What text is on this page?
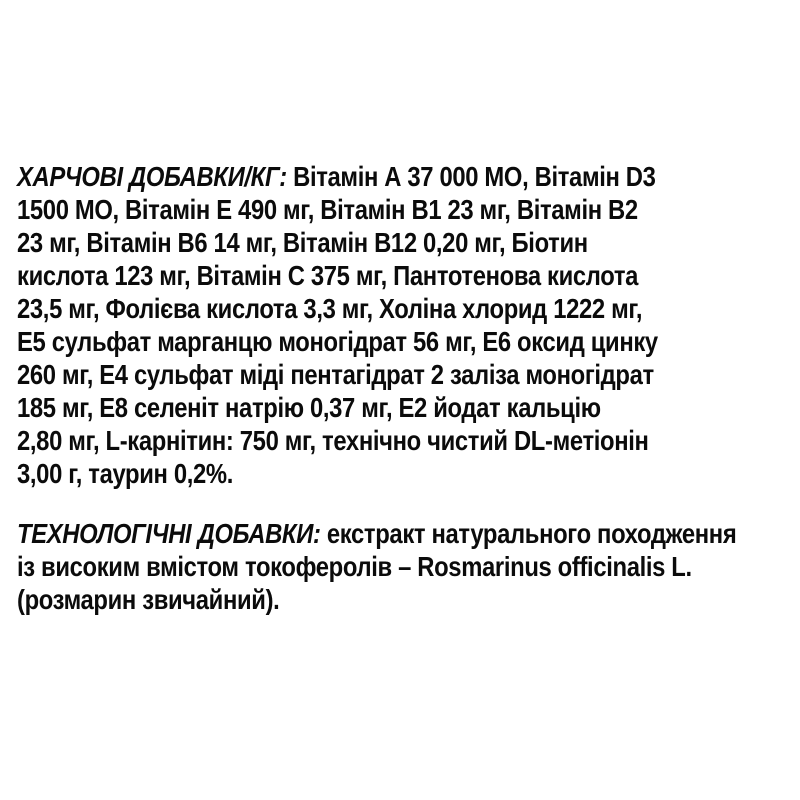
ХАРЧОВІ ДОБАВКИ/КГ: Вітамін А 37 000 МО, Вітамін D3
1500 МО, Вітамін Е 490 мг, Вітамін В1 23 мг, Вітамін В2
23 мг, Вітамін В6 14 мг, Вітамін В12 0,20 мг, Біотин
кислота 123 мг, Вітамін С 375 мг, Пантотенова кислота
23,5 мг, Фолієва кислота 3,3 мг, Холіна хлорид 1222 мг,
Е5 сульфат марганцю моногідрат 56 мг, Е6 оксид цинку
260 мг, Е4 сульфат міді пентагідрат 2 заліза моногідрат
185 мг, Е8 селеніт натрію 0,37 мг, Е2 йодат кальцію
2,80 мг, L-карнітин: 750 мг, технічно чистий DL-метіонін
3,00 г, таурин 0,2%.
ТЕХНОЛОГІЧНІ ДОБАВКИ: екстракт натурального походження
із високим вмістом токоферолів – Rosmarinus officinalis L.
(розмарин звичайний).
